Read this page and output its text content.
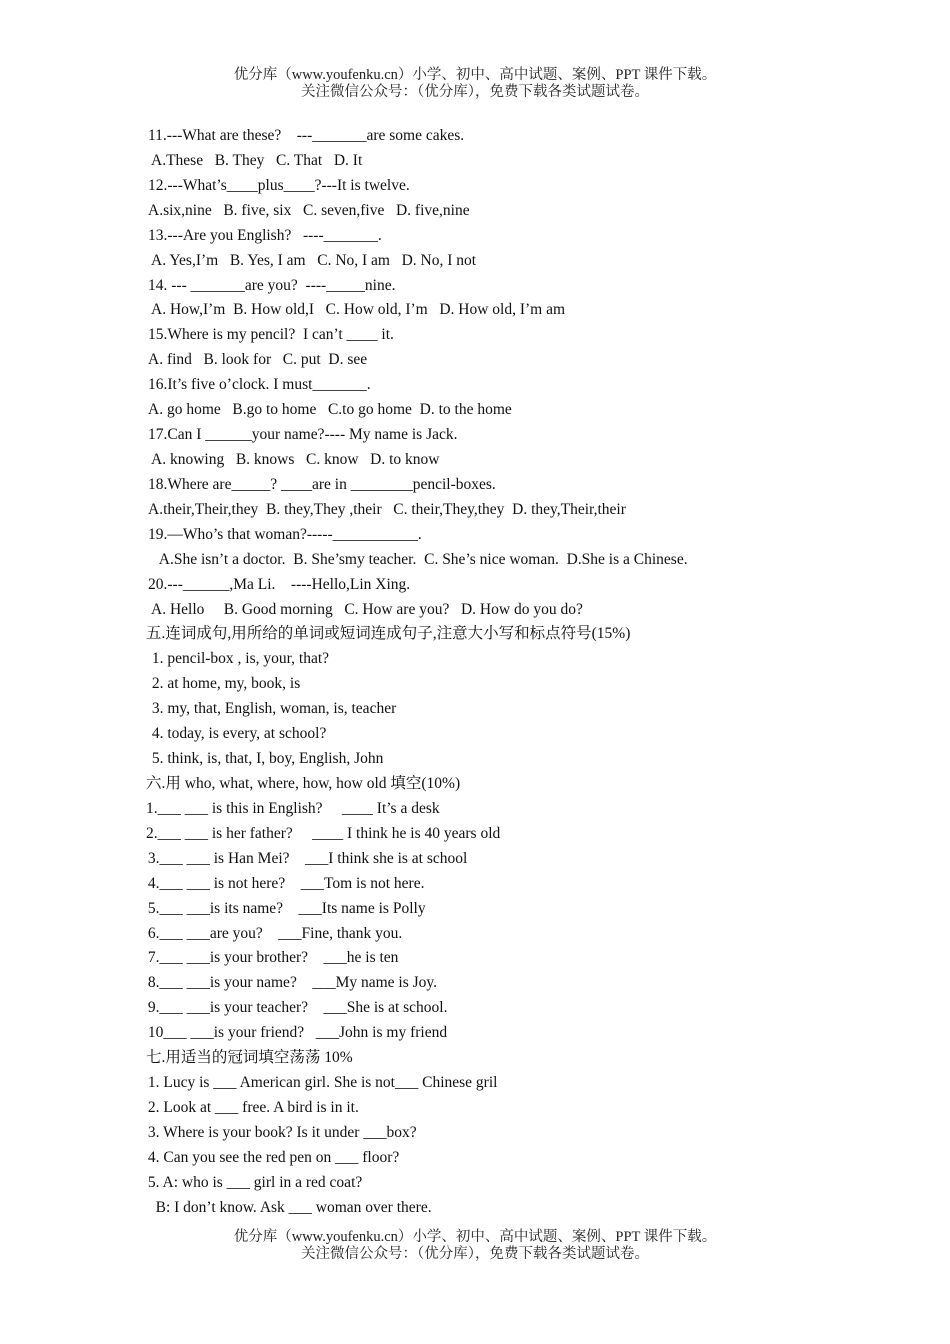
优分库（www.youfenku.cn）小学、初中、高中试题、案例、PPT 课件下载。
关注微信公众号：（优分库），免费下载各类试题试卷。
11.---What are these?    ---_______are some cakes.
A.These   B. They   C. That   D. It
12.---What’s____plus____?---It is twelve.
A.six,nine   B. five, six   C. seven,five   D. five,nine
13.---Are you English?   ----_______.
A. Yes,I’m   B. Yes, I am   C. No, I am   D. No, I not
14. --- _______are you?  ----_____nine.
A. How,I’m  B. How old,I   C. How old, I’m   D. How old, I’m am
15.Where is my pencil?  I can’t ____ it.
A. find   B. look for   C. put  D. see
16.It’s five o’clock. I must_______.
A. go home   B.go to home   C.to go home  D. to the home
17.Can I ______your name?---- My name is Jack.
A. knowing   B. knows   C. know   D. to know
18.Where are_____? ____are in ________pencil-boxes.
A.their,Their,they  B. they,They ,their   C. their,They,they  D. they,Their,their
19.—Who’s that woman?-----___________.
A.She isn’t a doctor.  B. She’smy teacher.  C. She’s nice woman.  D.She is a Chinese.
20.---______,Ma Li.    ----Hello,Lin Xing.
A. Hello     B. Good morning   C. How are you?   D. How do you do?
五.连词成句,用所给的单词或短词连成句子,注意大小写和标点符号(15%)
1. pencil-box , is, your, that?
2. at home, my, book, is
3. my, that, English, woman, is, teacher
4. today, is every, at school?
5. think, is, that, I, boy, English, John
六.用 who, what, where, how, how old 填空(10%)
1.___ ___ is this in English?     ____ It’s a desk
2.___ ___ is her father?     ____ I think he is 40 years old
3.___ ___ is Han Mei?    ___I think she is at school
4.___ ___ is not here?    ___Tom is not here.
5.___ ___is its name?    ___Its name is Polly
6.___ ___are you?    ___Fine, thank you.
7.___ ___is your brother?    ___he is ten
8.___ ___is your name?    ___My name is Joy.
9.___ ___is your teacher?    ___She is at school.
10___ ___is your friend?   ___John is my friend
七.用适当的冠词填空荡荡 10%
1. Lucy is ___ American girl. She is not___ Chinese gril
2. Look at ___ free. A bird is in it.
3. Where is your book? Is it under ___box?
4. Can you see the red pen on ___ floor?
5. A: who is ___ girl in a red coat?
B: I don’t know. Ask ___ woman over there.
优分库（www.youfenku.cn）小学、初中、高中试题、案例、PPT 课件下载。
关注微信公众号：（优分库），免费下载各类试题试卷。
